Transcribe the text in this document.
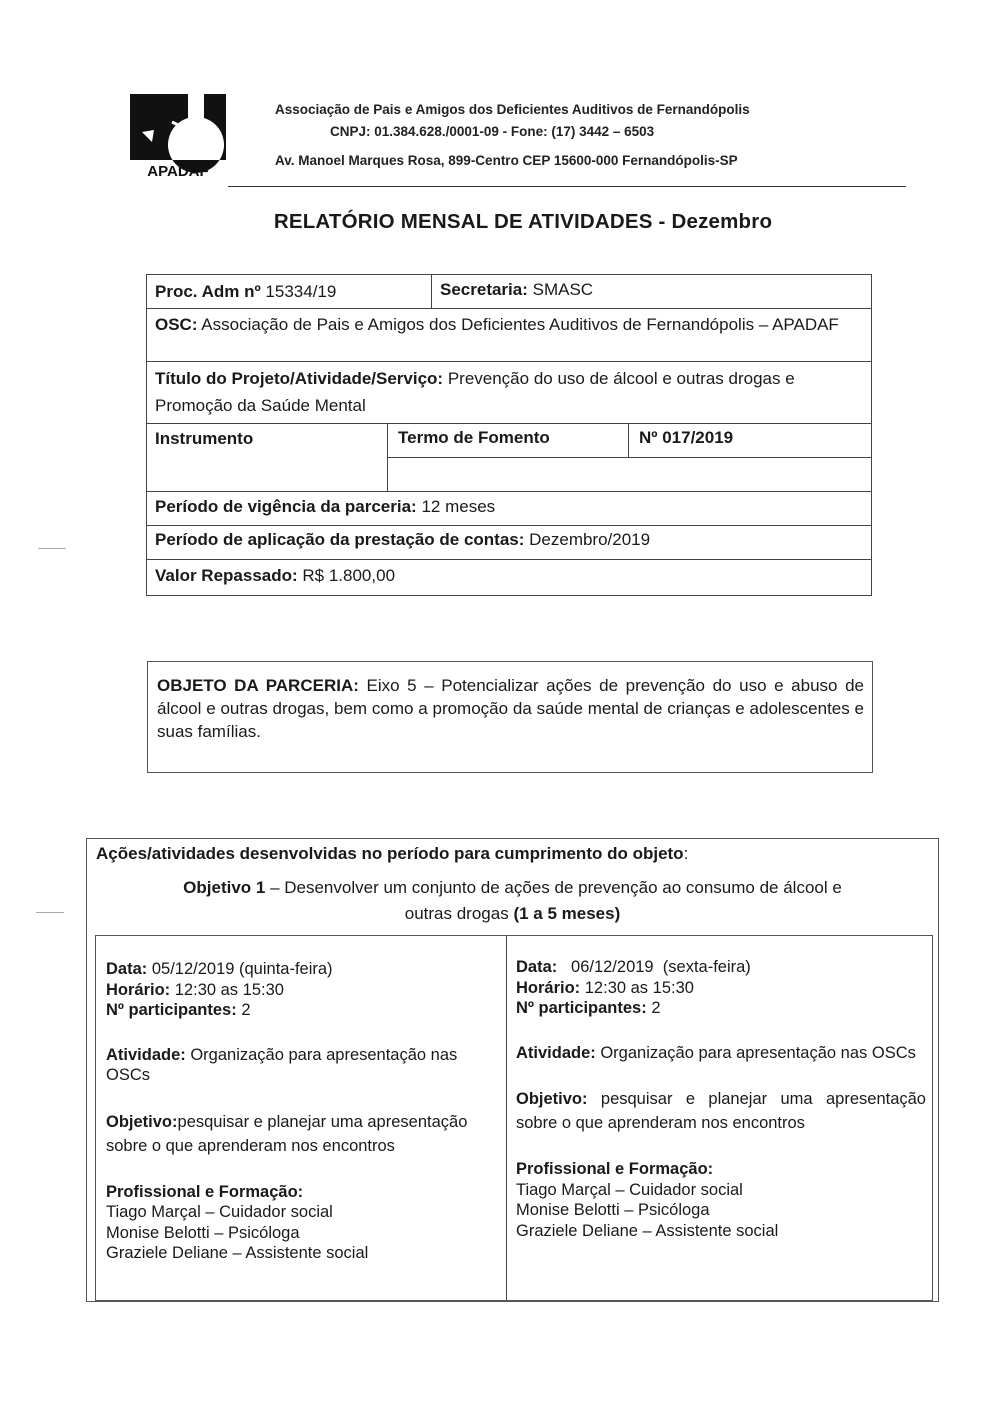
APADAF
Associação de Pais e Amigos dos Deficientes Auditivos de Fernandópolis
CNPJ: 01.384.628./0001-09 - Fone: (17) 3442 – 6503
Av. Manoel Marques Rosa, 899-Centro CEP 15600-000 Fernandópolis-SP
RELATÓRIO MENSAL DE ATIVIDADES - Dezembro
Proc. Adm nº 15334/19	Secretaria: SMASC
OSC: Associação de Pais e Amigos dos Deficientes Auditivos de Fernandópolis – APADAF
Título do Projeto/Atividade/Serviço: Prevenção do uso de álcool e outras drogas e Promoção da Saúde Mental
Instrumento	Termo de Fomento	Nº 017/2019
Período de vigência da parceria: 12 meses
Período de aplicação da prestação de contas: Dezembro/2019
Valor Repassado: R$ 1.800,00
OBJETO DA PARCERIA: Eixo 5 – Potencializar ações de prevenção do uso e abuso de álcool e outras drogas, bem como a promoção da saúde mental de crianças e adolescentes e suas famílias.
Ações/atividades desenvolvidas no período para cumprimento do objeto:
Objetivo 1 – Desenvolver um conjunto de ações de prevenção ao consumo de álcool e
outras drogas (1 a 5 meses)

Data: 05/12/2019 (quinta-feira)

Horário: 12:30 as 15:30

Nº participantes: 2

Atividade: Organização para apresentação nas OSCs

Objetivo:pesquisar e planejar uma apresentação sobre o que aprenderam nos encontros

Profissional e Formação:

Tiago Marçal – Cuidador social

Monise Belotti – Psicóloga

Graziele Deliane – Assistente social

Data:   06/12/2019  (sexta-feira)

Horário: 12:30 as 15:30

Nº participantes: 2

Atividade: Organização para apresentação nas OSCs

Objetivo: pesquisar e planejar uma apresentação sobre o que aprenderam nos encontros

Profissional e Formação:

Tiago Marçal – Cuidador social

Monise Belotti – Psicóloga

Graziele Deliane – Assistente social
